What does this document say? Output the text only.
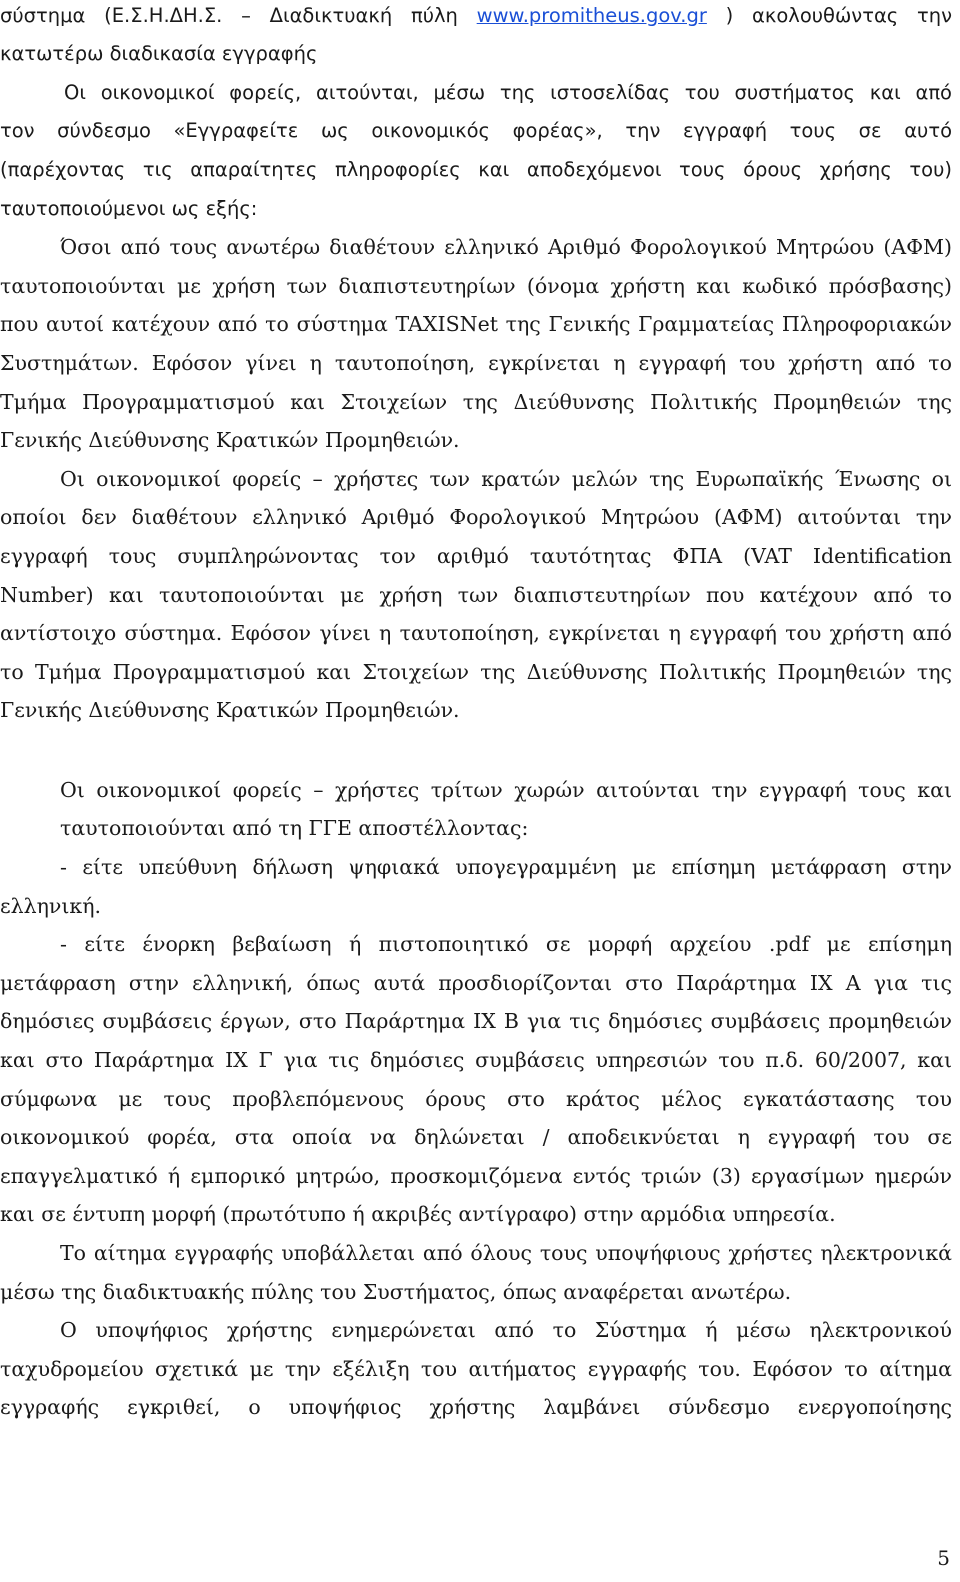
σύστημα (Ε.Σ.Η.ΔΗ.Σ. – Διαδικτυακή πύλη www.promitheus.gov.gr ) ακολουθώντας την
κατωτέρω διαδικασία εγγραφής
Οι οικονομικοί φορείς, αιτούνται, μέσω της ιστοσελίδας του συστήματος και από
τον σύνδεσμο «Εγγραφείτε ως οικονομικός φορέας», την εγγραφή τους σε αυτό
(παρέχοντας τις απαραίτητες πληροφορίες και αποδεχόμενοι τους όρους χρήσης του)
ταυτοποιούμενοι ως εξής:
Όσοι από τους ανωτέρω διαθέτουν ελληνικό Αριθμό Φορολογικού Μητρώου (ΑΦΜ)
ταυτοποιούνται με χρήση των διαπιστευτηρίων (όνομα χρήστη και κωδικό πρόσβασης)
που αυτοί κατέχουν από το σύστημα TAXISNet της Γενικής Γραμματείας Πληροφοριακών
Συστημάτων. Εφόσον γίνει η ταυτοποίηση, εγκρίνεται η εγγραφή του χρήστη από το
Τμήμα Προγραμματισμού και Στοιχείων της Διεύθυνσης Πολιτικής Προμηθειών της
Γενικής Διεύθυνσης Κρατικών Προμηθειών.
Οι οικονομικοί φορείς – χρήστες των κρατών μελών της Ευρωπαϊκής Ένωσης οι
οποίοι δεν διαθέτουν ελληνικό Αριθμό Φορολογικού Μητρώου (ΑΦΜ) αιτούνται την
εγγραφή τους συμπληρώνοντας τον αριθμό ταυτότητας ΦΠΑ (VAT Identification
Number) και ταυτοποιούνται με χρήση των διαπιστευτηρίων που κατέχουν από το
αντίστοιχο σύστημα. Εφόσον γίνει η ταυτοποίηση, εγκρίνεται η εγγραφή του χρήστη από
το Τμήμα Προγραμματισμού και Στοιχείων της Διεύθυνσης Πολιτικής Προμηθειών της
Γενικής Διεύθυνσης Κρατικών Προμηθειών.
Οι οικονομικοί φορείς – χρήστες τρίτων χωρών αιτούνται την εγγραφή τους και
ταυτοποιούνται από τη ΓΓΕ αποστέλλοντας:
- είτε υπεύθυνη δήλωση ψηφιακά υπογεγραμμένη με επίσημη μετάφραση στην
ελληνική.
- είτε ένορκη βεβαίωση ή πιστοποιητικό σε μορφή αρχείου .pdf με επίσημη
μετάφραση στην ελληνική, όπως αυτά προσδιορίζονται στο Παράρτημα ΙΧ Α για τις
δημόσιες συμβάσεις έργων, στο Παράρτημα ΙΧ Β για τις δημόσιες συμβάσεις προμηθειών
και στο Παράρτημα ΙΧ Γ για τις δημόσιες συμβάσεις υπηρεσιών του π.δ. 60/2007, και
σύμφωνα με τους προβλεπόμενους όρους στο κράτος μέλος εγκατάστασης του
οικονομικού φορέα, στα οποία να δηλώνεται / αποδεικνύεται η εγγραφή του σε
επαγγελματικό ή εμπορικό μητρώο, προσκομιζόμενα εντός τριών (3) εργασίμων ημερών
και σε έντυπη μορφή (πρωτότυπο ή ακριβές αντίγραφο) στην αρμόδια υπηρεσία.
Το αίτημα εγγραφής υποβάλλεται από όλους τους υποψήφιους χρήστες ηλεκτρονικά
μέσω της διαδικτυακής πύλης του Συστήματος, όπως αναφέρεται ανωτέρω.
Ο υποψήφιος χρήστης ενημερώνεται από το Σύστημα ή μέσω ηλεκτρονικού
ταχυδρομείου σχετικά με την εξέλιξη του αιτήματος εγγραφής του. Εφόσον το αίτημα
εγγραφής εγκριθεί, ο υποψήφιος χρήστης λαμβάνει σύνδεσμο ενεργοποίησης
5
